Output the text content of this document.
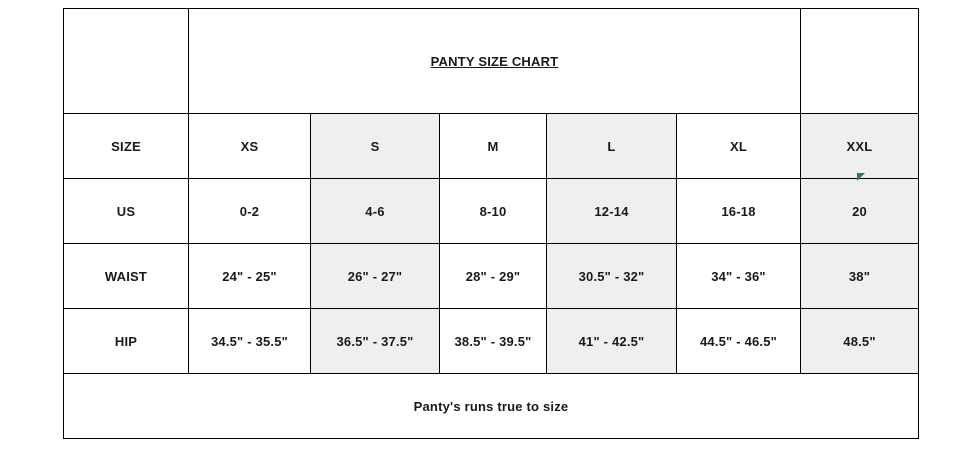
	PANTY SIZE CHART					
SIZE	XS	S	M	L	XL	XXL
US	0-2	4-6	8-10	12-14	16-18	20
WAIST	24" - 25"	26" - 27"	28" - 29"	30.5" - 32"	34" - 36"	38"
HIP	34.5" - 35.5"	36.5" - 37.5"	38.5" - 39.5"	41" - 42.5"	44.5" - 46.5"	48.5"
Panty's runs true to size						
